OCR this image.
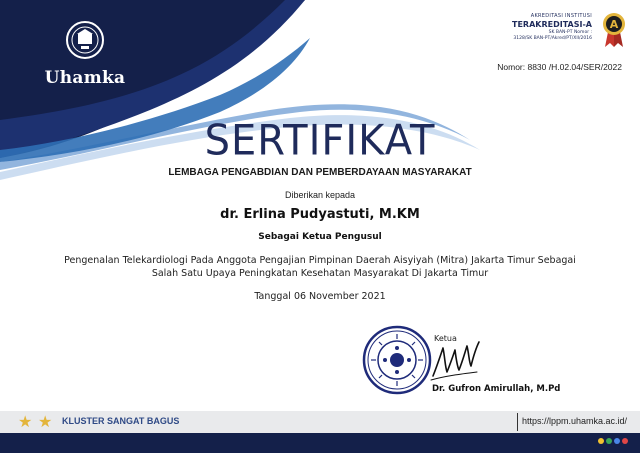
Uhamka
AKREDITASI INSTITUSI
TERAKREDITASI-A
SK BAN-PT Nomor :
3128/SK BAN-PT/Akred/PT/XII/2016
A
Nomor: 8830 /H.02.04/SER/2022
SERTIFIKAT
LEMBAGA PENGABDIAN DAN PEMBERDAYAAN MASYARAKAT
Diberikan kepada
dr. Erlina Pudyastuti, M.KM
Sebagai Ketua Pengusul
Pengenalan Telekardiologi Pada Anggota Pengajian Pimpinan Daerah Aisyiyah (Mitra) Jakarta Timur Sebagai
Salah Satu Upaya Peningkatan Kesehatan Masyarakat Di Jakarta Timur
Tanggal 06 November 2021
Ketua
Dr. Gufron Amirullah, M.Pd
★ ★ KLUSTER SANGAT BAGUS	https://lppm.uhamka.ac.id/
